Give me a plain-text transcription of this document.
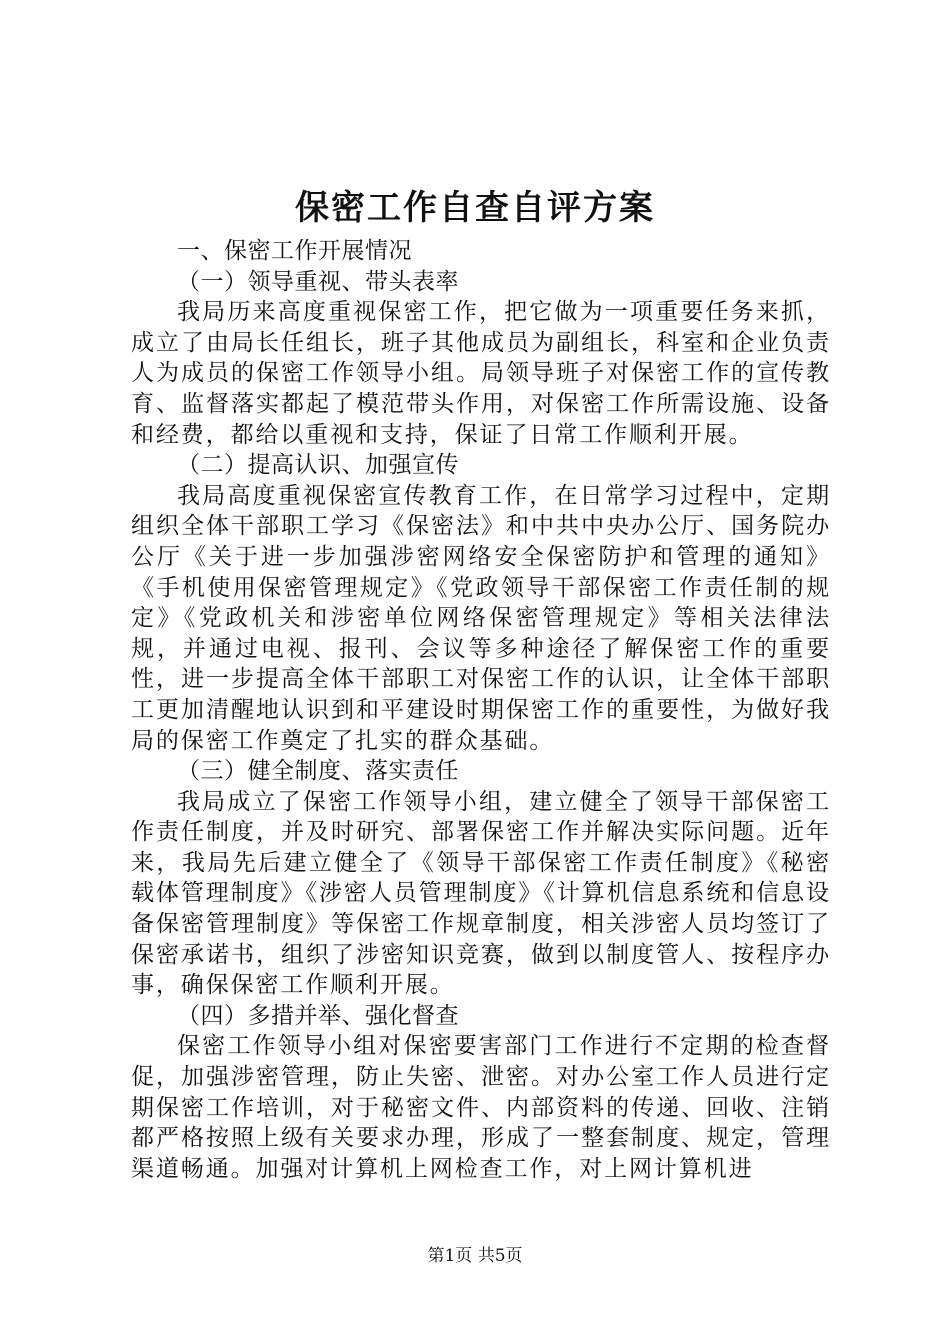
保密工作自查自评方案

一、保密工作开展情况

（一）领导重视、带头表率

我局历来高度重视保密工作，把它做为一项重要任务来抓，成立了由局长任组长，班子其他成员为副组长，科室和企业负责人为成员的保密工作领导小组。局领导班子对保密工作的宣传教育、监督落实都起了模范带头作用，对保密工作所需设施、设备和经费，都给以重视和支持，保证了日常工作顺利开展。

（二）提高认识、加强宣传

我局高度重视保密宣传教育工作，在日常学习过程中，定期组织全体干部职工学习《保密法》和中共中央办公厅、国务院办公厅《关于进一步加强涉密网络安全保密防护和管理的通知》《手机使用保密管理规定》《党政领导干部保密工作责任制的规定》《党政机关和涉密单位网络保密管理规定》等相关法律法规，并通过电视、报刊、会议等多种途径了解保密工作的重要性，进一步提高全体干部职工对保密工作的认识，让全体干部职工更加清醒地认识到和平建设时期保密工作的重要性，为做好我局的保密工作奠定了扎实的群众基础。

（三）健全制度、落实责任

我局成立了保密工作领导小组，建立健全了领导干部保密工作责任制度，并及时研究、部署保密工作并解决实际问题。近年来，我局先后建立健全了《领导干部保密工作责任制度》《秘密载体管理制度》《涉密人员管理制度》《计算机信息系统和信息设备保密管理制度》等保密工作规章制度，相关涉密人员均签订了保密承诺书，组织了涉密知识竞赛，做到以制度管人、按程序办事，确保保密工作顺利开展。

（四）多措并举、强化督查

保密工作领导小组对保密要害部门工作进行不定期的检查督促，加强涉密管理，防止失密、泄密。对办公室工作人员进行定期保密工作培训，对于秘密文件、内部资料的传递、回收、注销都严格按照上级有关要求办理，形成了一整套制度、规定，管理渠道畅通。加强对计算机上网检查工作，对上网计算机进

第1页 共5页
